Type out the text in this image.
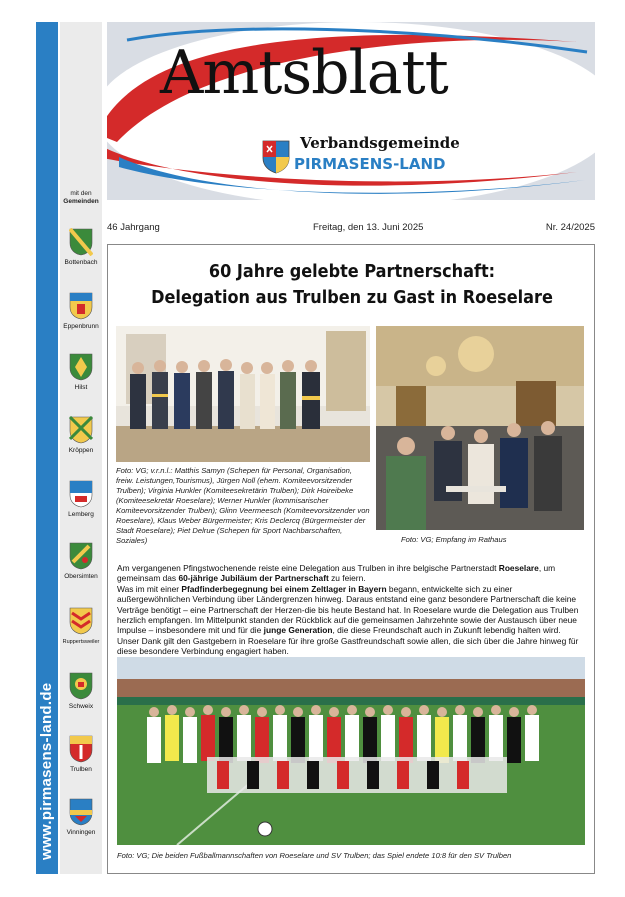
www.pirmasens-land.de
mit den
Gemeinden
Bottenbach
Eppenbrunn
Hilst
Kröppen
Lemberg
Obersimten
Ruppertsweiler
Schweix
Trulben
Vinningen
Amtsblatt
Verbandsgemeinde
PIRMASENS-LAND
46 Jahrgang	Freitag, den 13. Juni 2025	Nr. 24/2025
60 Jahre gelebte Partnerschaft:
Delegation aus Trulben zu Gast in Roeselare
Foto: VG; v.r.n.l.: Matthis Samyn (Schepen für Personal, Organisation, freiw. Leistungen,Tourismus), Jürgen Noll (ehem. Komiteevorsitzender Trulben); Virginia Hunkler (Komiteesekretärin Trulben); Dirk Hoireibeke (Komiteesekretär Roeselare); Werner Hunkler (kommisarischer Komiteevorsitzender Trulben); Glinn Veermeesch (Komiteevorsitzender von Roeselare), Klaus Weber Bürgermeister; Kris Declercq (Bürgermeister der Stadt Roeselare); Piet Delrue (Schepen für Sport Nachbarschaften, Soziales)	Foto: VG; Empfang im Rathaus

Am vergangenen Pfingstwochenende reiste eine Delegation aus Trulben in ihre belgische Partnerstadt Roeselare, um gemeinsam das 60-jährige Jubiläum der Partnerschaft zu feiern.

Was im mit einer Pfadfinderbegegnung bei einem Zeltlager in Bayern begann, entwickelte sich zu einer außergewöhnlichen Verbindung über Ländergrenzen hinweg. Daraus entstand eine ganz besondere Partnerschaft die keine Verträge benötigt – eine Partnerschaft der Herzen-die bis heute Bestand hat. In Roeselare wurde die Delegation aus Trulben herzlich empfangen. Im Mittelpunkt standen der Rückblick auf die gemeinsamen Jahrzehnte sowie der Austausch über neue Impulse – insbesondere mit und für die junge Generation, die diese Freundschaft auch in Zukunft lebendig halten wird.

Unser Dank gilt den Gastgebern in Roeselare für ihre große Gastfreundschaft sowie allen, die sich über die Jahre hinweg für diese besondere Verbindung engagiert haben.

Foto: VG; Die beiden Fußballmannschaften von Roeselare und SV Trulben; das Spiel endete 10:8 für den SV Trulben
